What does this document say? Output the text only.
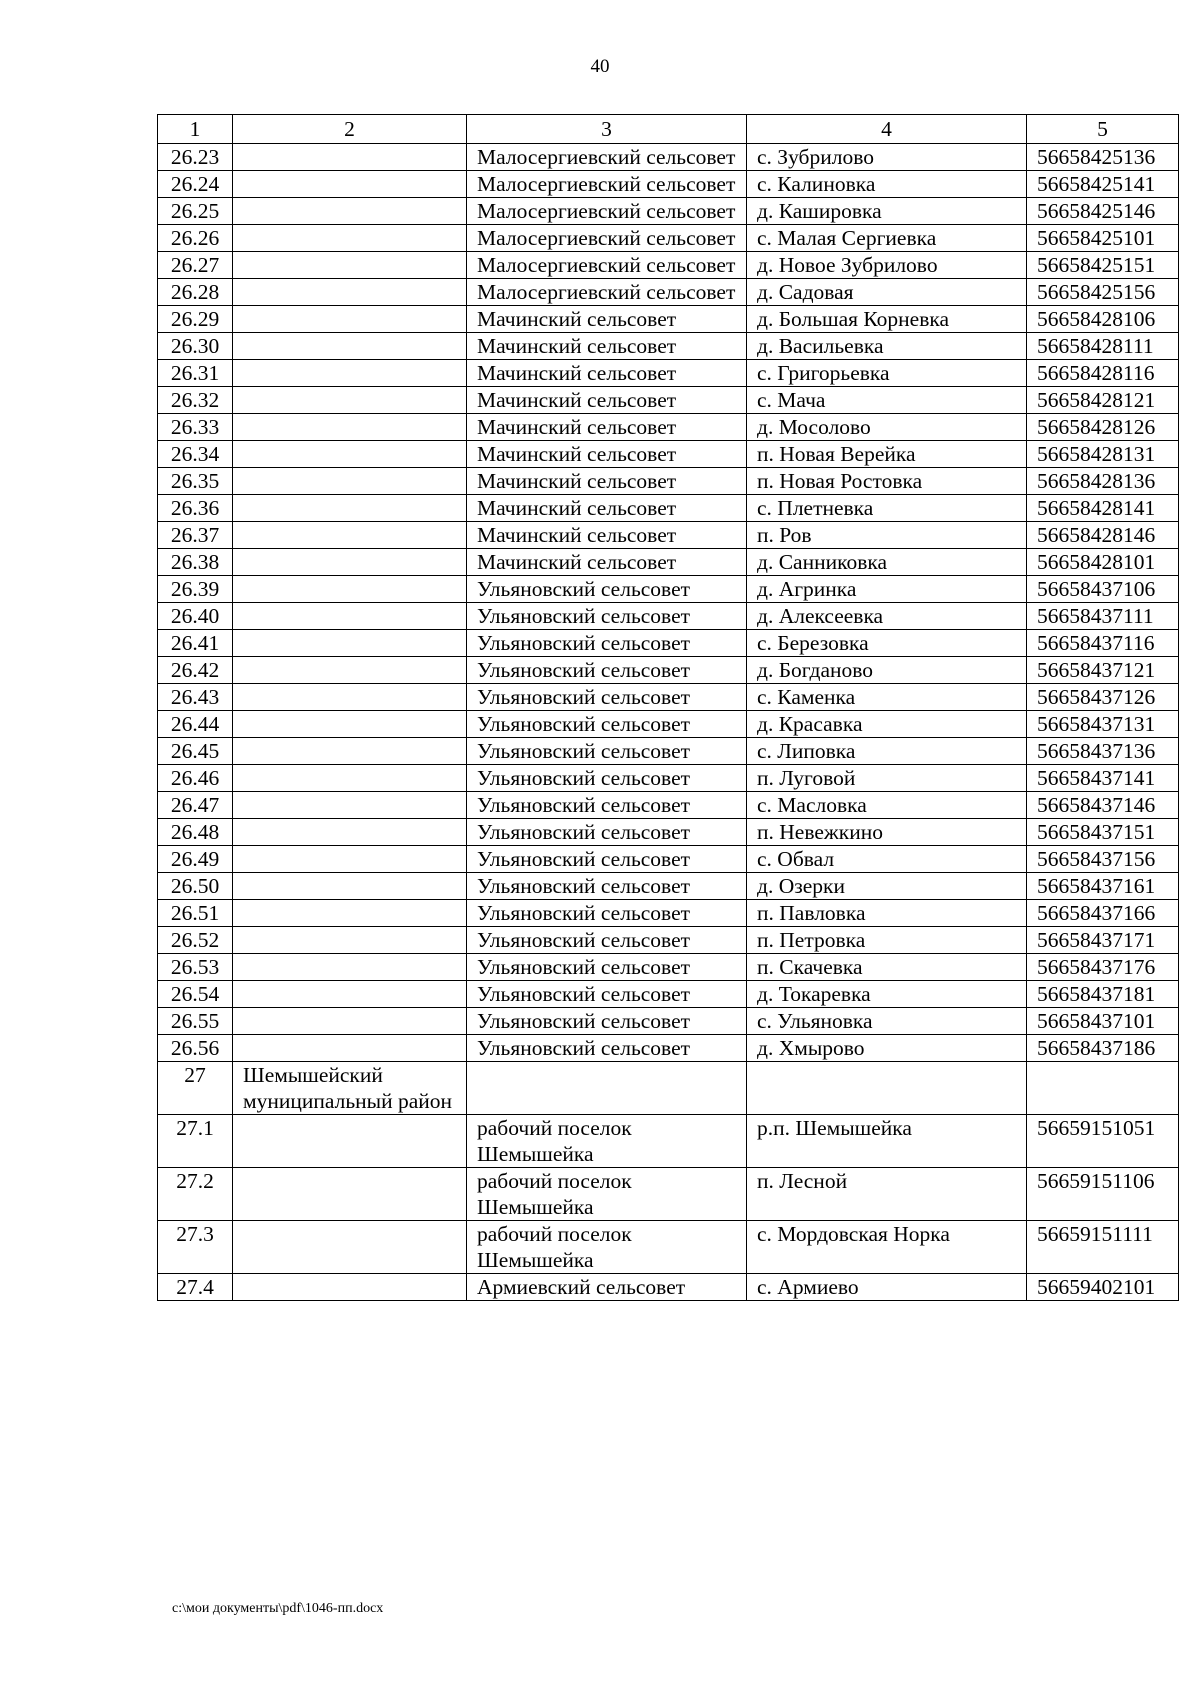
40
1	2	3	4	5
26.23		Малосергиевский сельсовет	с. Зубрилово	56658425136
26.24		Малосергиевский сельсовет	с. Калиновка	56658425141
26.25		Малосергиевский сельсовет	д. Кашировка	56658425146
26.26		Малосергиевский сельсовет	с. Малая Сергиевка	56658425101
26.27		Малосергиевский сельсовет	д. Новое Зубрилово	56658425151
26.28		Малосергиевский сельсовет	д. Садовая	56658425156
26.29		Мачинский сельсовет	д. Большая Корневка	56658428106
26.30		Мачинский сельсовет	д. Васильевка	56658428111
26.31		Мачинский сельсовет	с. Григорьевка	56658428116
26.32		Мачинский сельсовет	с. Мача	56658428121
26.33		Мачинский сельсовет	д. Мосолово	56658428126
26.34		Мачинский сельсовет	п. Новая Верейка	56658428131
26.35		Мачинский сельсовет	п. Новая Ростовка	56658428136
26.36		Мачинский сельсовет	с. Плетневка	56658428141
26.37		Мачинский сельсовет	п. Ров	56658428146
26.38		Мачинский сельсовет	д. Санниковка	56658428101
26.39		Ульяновский сельсовет	д. Агринка	56658437106
26.40		Ульяновский сельсовет	д. Алексеевка	56658437111
26.41		Ульяновский сельсовет	с. Березовка	56658437116
26.42		Ульяновский сельсовет	д. Богданово	56658437121
26.43		Ульяновский сельсовет	с. Каменка	56658437126
26.44		Ульяновский сельсовет	д. Красавка	56658437131
26.45		Ульяновский сельсовет	с. Липовка	56658437136
26.46		Ульяновский сельсовет	п. Луговой	56658437141
26.47		Ульяновский сельсовет	с. Масловка	56658437146
26.48		Ульяновский сельсовет	п. Невежкино	56658437151
26.49		Ульяновский сельсовет	с. Обвал	56658437156
26.50		Ульяновский сельсовет	д. Озерки	56658437161
26.51		Ульяновский сельсовет	п. Павловка	56658437166
26.52		Ульяновский сельсовет	п. Петровка	56658437171
26.53		Ульяновский сельсовет	п. Скачевка	56658437176
26.54		Ульяновский сельсовет	д. Токаревка	56658437181
26.55		Ульяновский сельсовет	с. Ульяновка	56658437101
26.56		Ульяновский сельсовет	д. Хмырово	56658437186
27	Шемышейский муниципальный район			
27.1		рабочий поселок Шемышейка	р.п. Шемышейка	56659151051
27.2		рабочий поселок Шемышейка	п. Лесной	56659151106
27.3		рабочий поселок Шемышейка	с. Мордовская Норка	56659151111
27.4		Армиевский сельсовет	с. Армиево	56659402101
c:\мои документы\pdf\1046-пп.docx
